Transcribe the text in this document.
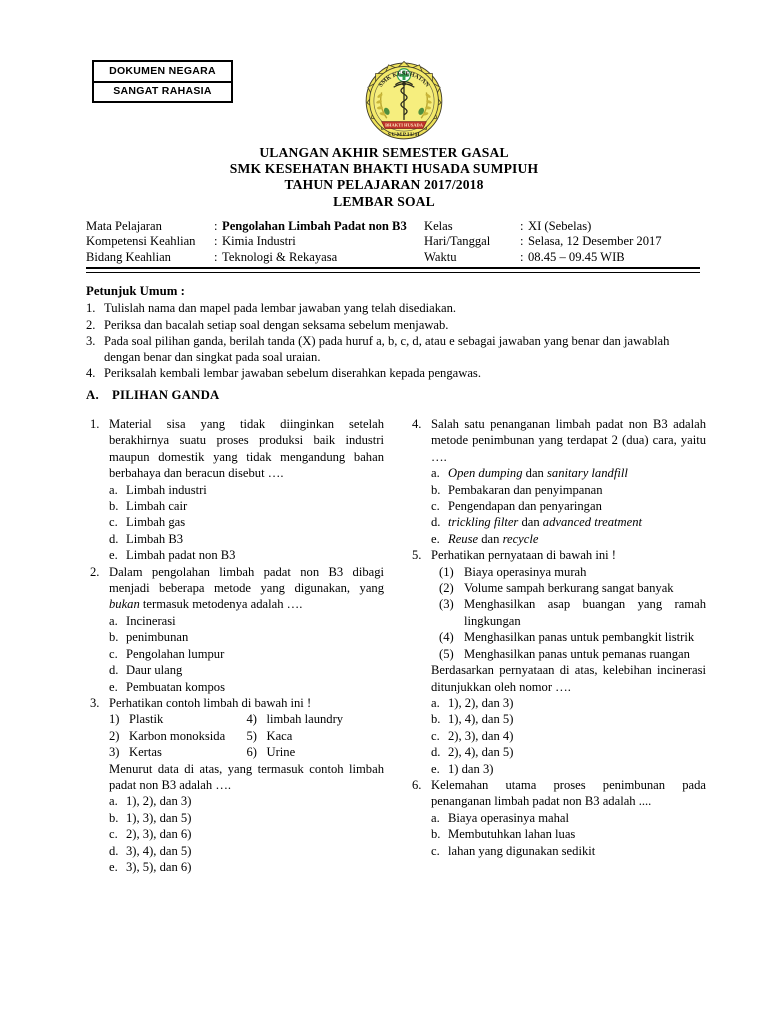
DOKUMEN NEGARA
SANGAT RAHASIA
SMK KESEHATAN
BHAKTI HUSADA
SUMPIUH
ULANGAN AKHIR SEMESTER GASAL
SMK KESEHATAN BHAKTI HUSADA SUMPIUH
TAHUN PELAJARAN 2017/2018
LEMBAR SOAL
Mata Pelajaran	:	Pengolahan Limbah Padat non B3	Kelas	:	XI (Sebelas)
Kompetensi Keahlian	:	Kimia Industri	Hari/Tanggal	:	Selasa, 12 Desember 2017
Bidang Keahlian	:	Teknologi & Rekayasa	Waktu	:	08.45 – 09.45 WIB
Petunjuk Umum :
1. Tulislah nama dan mapel pada lembar jawaban yang telah disediakan.
2. Periksa dan bacalah setiap soal dengan seksama sebelum menjawab.
3. Pada soal pilihan ganda, berilah tanda (X) pada huruf a, b, c, d, atau e sebagai jawaban yang benar dan jawablah dengan benar dan singkat pada soal uraian.
4. Periksalah kembali lembar jawaban sebelum diserahkan kepada pengawas.
A. PILIHAN GANDA
1. Material sisa yang tidak diinginkan setelah berakhirnya suatu proses produksi baik industri maupun domestik yang tidak mengandung bahan berbahaya dan beracun disebut ….
a. Limbah industri
b. Limbah cair
c. Limbah gas
d. Limbah B3
e. Limbah padat non B3
2. Dalam pengolahan limbah padat non B3 dibagi menjadi beberapa metode yang digunakan, yang bukan termasuk metodenya adalah ….
a. Incinerasi
b. penimbunan
c. Pengolahan lumpur
d. Daur ulang
e. Pembuatan kompos
3. Perhatikan contoh limbah di bawah ini !
1) Plastik
2) Karbon monoksida
3) Kertas
4) limbah laundry
5) Kaca
6) Urine
Menurut data di atas, yang termasuk contoh limbah padat non B3 adalah ….
a. 1), 2), dan 3)
b. 1), 3), dan 5)
c. 2), 3), dan 6)
d. 3), 4), dan 5)
e. 3), 5), dan 6)
4. Salah satu penanganan limbah padat non B3 adalah metode penimbunan yang terdapat 2 (dua) cara, yaitu ….
a. Open dumping dan sanitary landfill
b. Pembakaran dan penyimpanan
c. Pengendapan dan penyaringan
d. trickling filter dan advanced treatment
e. Reuse dan recycle
5. Perhatikan pernyataan di bawah ini !
(1) Biaya operasinya murah
(2) Volume sampah berkurang sangat banyak
(3) Menghasilkan asap buangan yang ramah lingkungan
(4) Menghasilkan panas untuk pembangkit listrik
(5) Menghasilkan panas untuk pemanas ruangan
Berdasarkan pernyataan di atas, kelebihan incinerasi ditunjukkan oleh nomor ….
a. 1), 2), dan 3)
b. 1), 4), dan 5)
c. 2), 3), dan 4)
d. 2), 4), dan 5)
e. 1) dan 3)
6. Kelemahan utama proses penimbunan pada penanganan limbah padat non B3 adalah ....
a. Biaya operasinya mahal
b. Membutuhkan lahan luas
c. lahan yang digunakan sedikit
